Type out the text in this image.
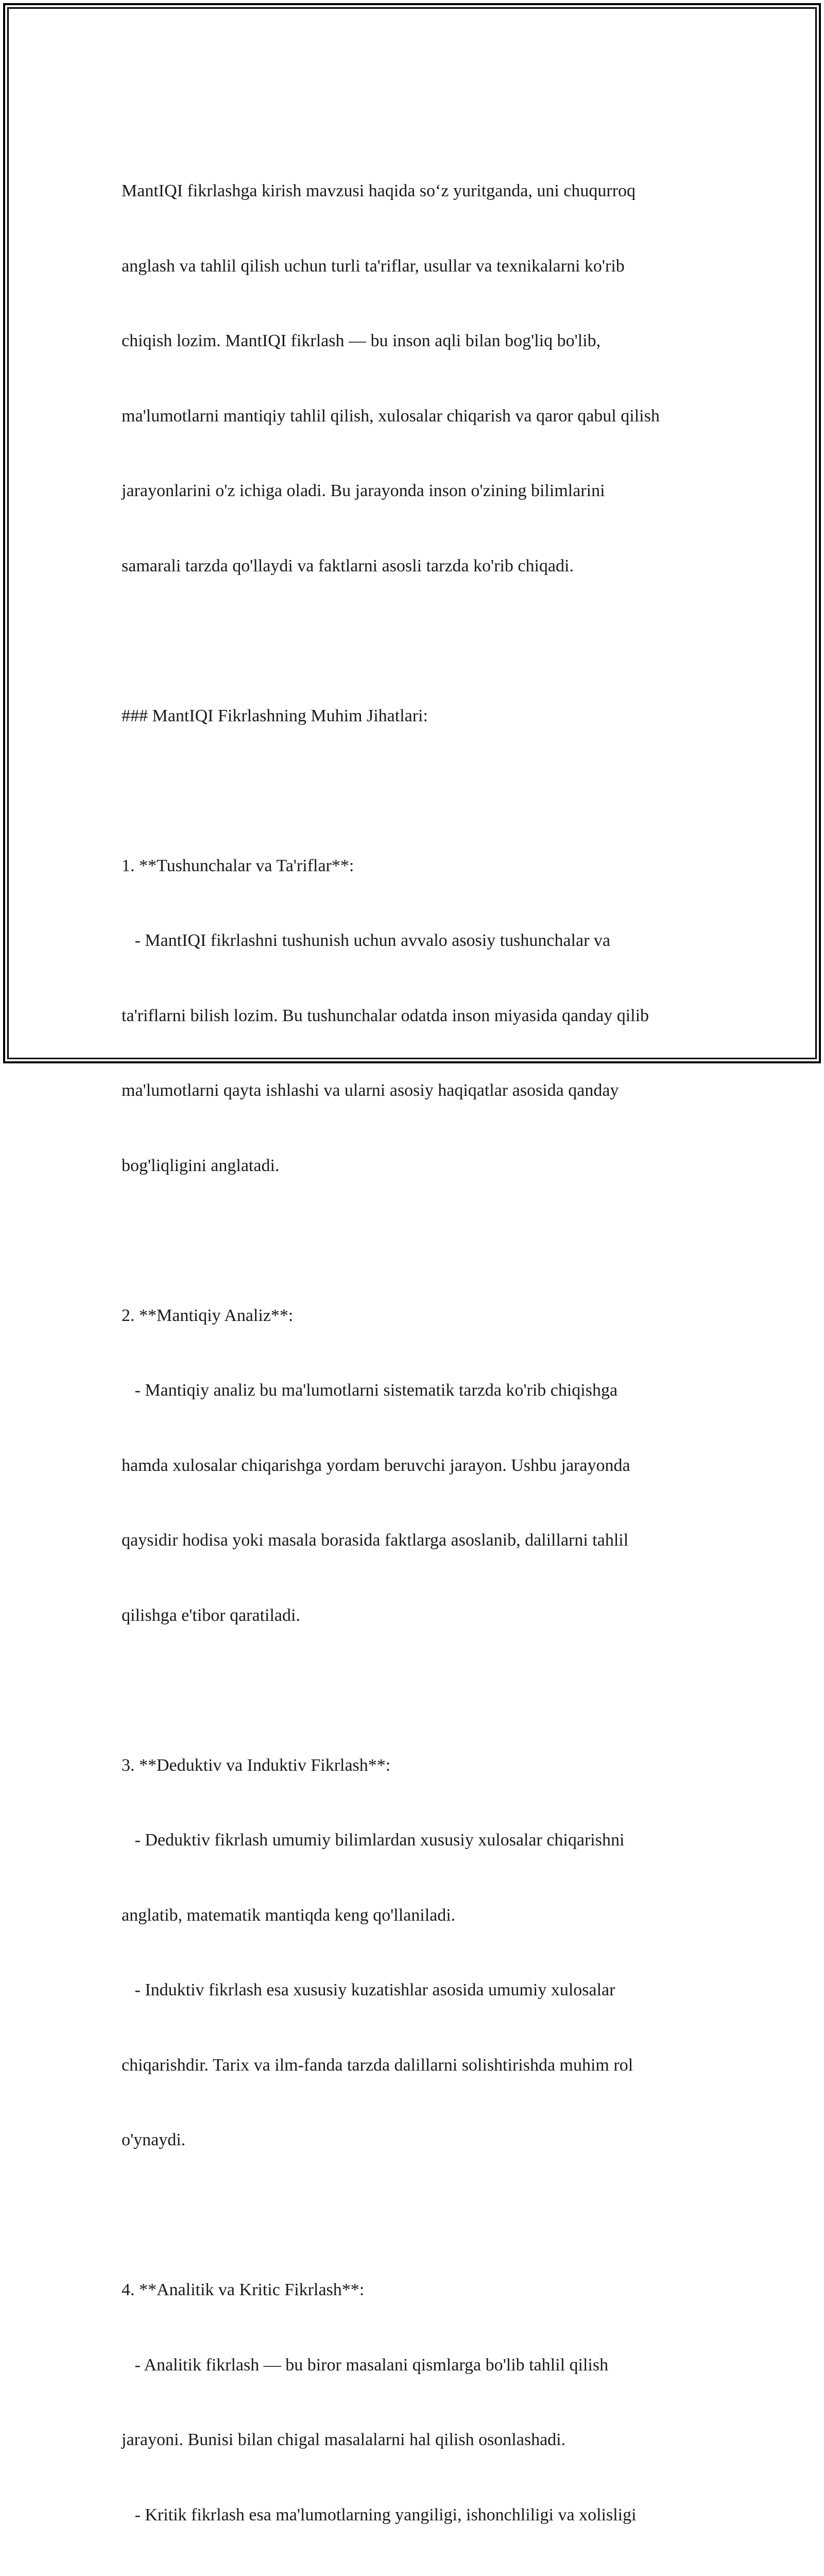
MantIQI fikrlashga kirish mavzusi haqida so‘z yuritganda, uni chuqurroq

anglash va tahlil qilish uchun turli ta'riflar, usullar va texnikalarni ko'rib

chiqish lozim. MantIQI fikrlash — bu inson aqli bilan bog'liq bo'lib,

ma'lumotlarni mantiqiy tahlil qilish, xulosalar chiqarish va qaror qabul qilish

jarayonlarini o'z ichiga oladi. Bu jarayonda inson o'zining bilimlarini

samarali tarzda qo'llaydi va faktlarni asosli tarzda ko'rib chiqadi.

### MantIQI Fikrlashning Muhim Jihatlari:

1. **Tushunchalar va Ta'riflar**:

- MantIQI fikrlashni tushunish uchun avvalo asosiy tushunchalar va

ta'riflarni bilish lozim. Bu tushunchalar odatda inson miyasida qanday qilib

ma'lumotlarni qayta ishlashi va ularni asosiy haqiqatlar asosida qanday

bog'liqligini anglatadi.

2. **Mantiqiy Analiz**:

- Mantiqiy analiz bu ma'lumotlarni sistematik tarzda ko'rib chiqishga

hamda xulosalar chiqarishga yordam beruvchi jarayon. Ushbu jarayonda

qaysidir hodisa yoki masala borasida faktlarga asoslanib, dalillarni tahlil

qilishga e'tibor qaratiladi.

3. **Deduktiv va Induktiv Fikrlash**:

- Deduktiv fikrlash umumiy bilimlardan xususiy xulosalar chiqarishni

anglatib, matematik mantiqda keng qo'llaniladi.

- Induktiv fikrlash esa xususiy kuzatishlar asosida umumiy xulosalar

chiqarishdir. Tarix va ilm-fanda tarzda dalillarni solishtirishda muhim rol

o'ynaydi.

4. **Analitik va Kritic Fikrlash**:

- Analitik fikrlash — bu biror masalani qismlarga bo'lib tahlil qilish

jarayoni. Bunisi bilan chigal masalalarni hal qilish osonlashadi.

- Kritik fikrlash esa ma'lumotlarning yangiligi, ishonchliligi va xolisligi
